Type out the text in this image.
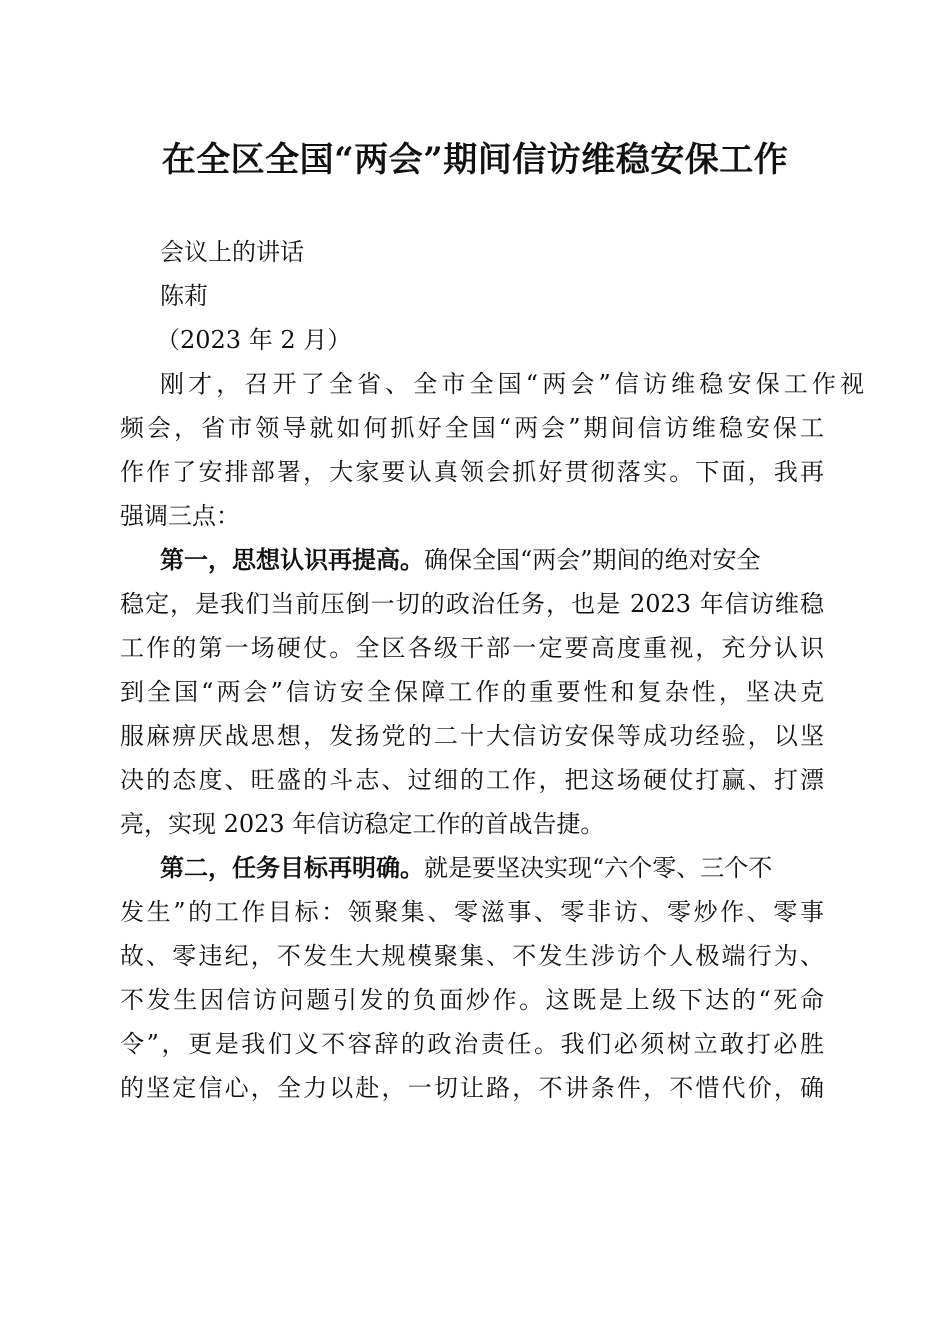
在全区全国“两会”期间信访维稳安保工作
会议上的讲话
陈莉
（2023 年 2 月）
刚才，召开了全省、全市全国“两会”信访维稳安保工作视
频会，省市领导就如何抓好全国“两会”期间信访维稳安保工
作作了安排部署，大家要认真领会抓好贯彻落实。下面，我再
强调三点：
第一，思想认识再提高。确保全国“两会”期间的绝对安全
稳定，是我们当前压倒一切的政治任务，也是 2023 年信访维稳
工作的第一场硬仗。全区各级干部一定要高度重视，充分认识
到全国“两会”信访安全保障工作的重要性和复杂性，坚决克
服麻痹厌战思想，发扬党的二十大信访安保等成功经验，以坚
决的态度、旺盛的斗志、过细的工作，把这场硬仗打赢、打漂
亮，实现 2023 年信访稳定工作的首战告捷。
第二，任务目标再明确。就是要坚决实现“六个零、三个不
发生”的工作目标：领聚集、零滋事、零非访、零炒作、零事
故、零违纪，不发生大规模聚集、不发生涉访个人极端行为、
不发生因信访问题引发的负面炒作。这既是上级下达的“死命
令”，更是我们义不容辞的政治责任。我们必须树立敢打必胜
的坚定信心，全力以赴，一切让路，不讲条件，不惜代价，确
